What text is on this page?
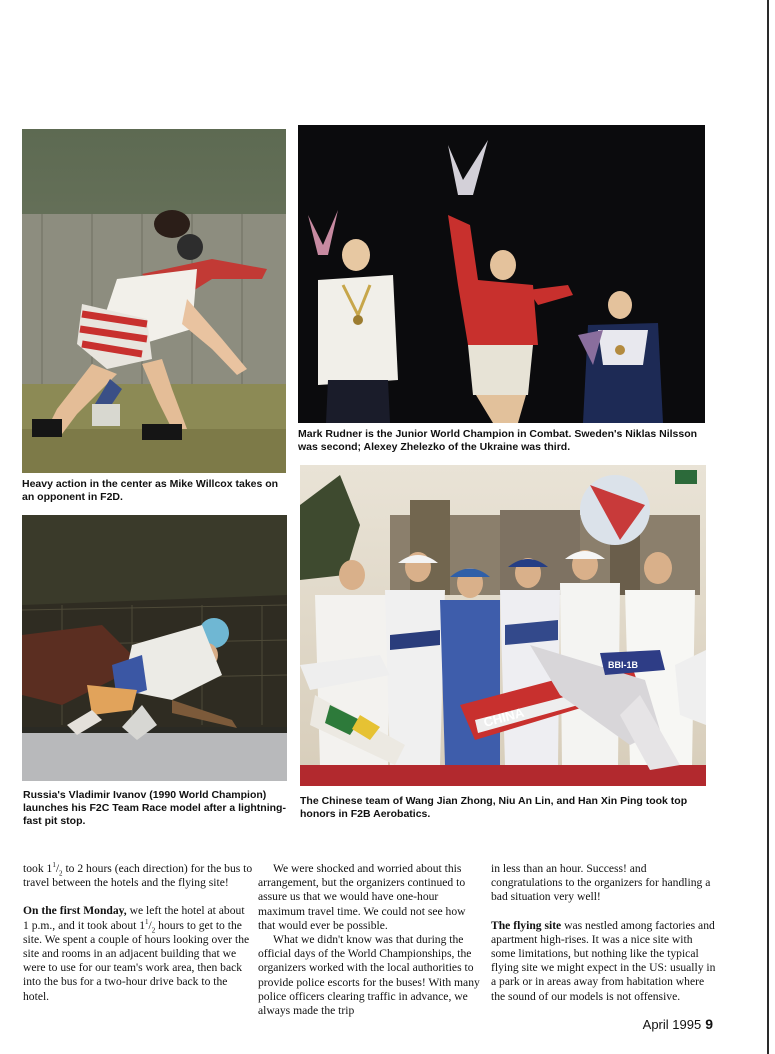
Mark Rudner is the Junior World Champion in Combat. Sweden's Niklas Nilsson was second; Alexey Zhelezko of the Ukraine was third.

Heavy action in the center as Mike Willcox takes on an opponent in F2D.

CHINA
BBI-1B

Russia's Vladimir Ivanov (1990 World Champion) launches his F2C Team Race model after a lightning-fast pit stop.

The Chinese team of Wang Jian Zhong, Niu An Lin, and Han Xin Ping took top honors in F2B Aerobatics.

took $1^1/_2$ to 2 hours (each direction) for the bus to travel between the hotels and the flying site!

On the first Monday, we left the hotel at about 1 p.m., and it took about $1^1/_2$ hours to get to the site. We spent a couple of hours looking over the site and rooms in an adjacent building that we were to use for our team's work area, then back into the bus for a two-hour drive back to the hotel.

We were shocked and worried about this arrangement, but the organizers continued to assure us that we would have one-hour maximum travel time. We could not see how that would ever be possible.

What we didn't know was that during the official days of the World Championships, the organizers worked with the local authorities to provide police escorts for the buses! With many police officers clearing traffic in advance, we always made the trip

in less than an hour. Success! and congratulations to the organizers for handling a bad situation very well!

The flying site was nestled among factories and apartment high-rises. It was a nice site with some limitations, but nothing like the typical flying site we might expect in the US: usually in a park or in areas away from habitation where the sound of our models is not offensive.

April 1995 9
